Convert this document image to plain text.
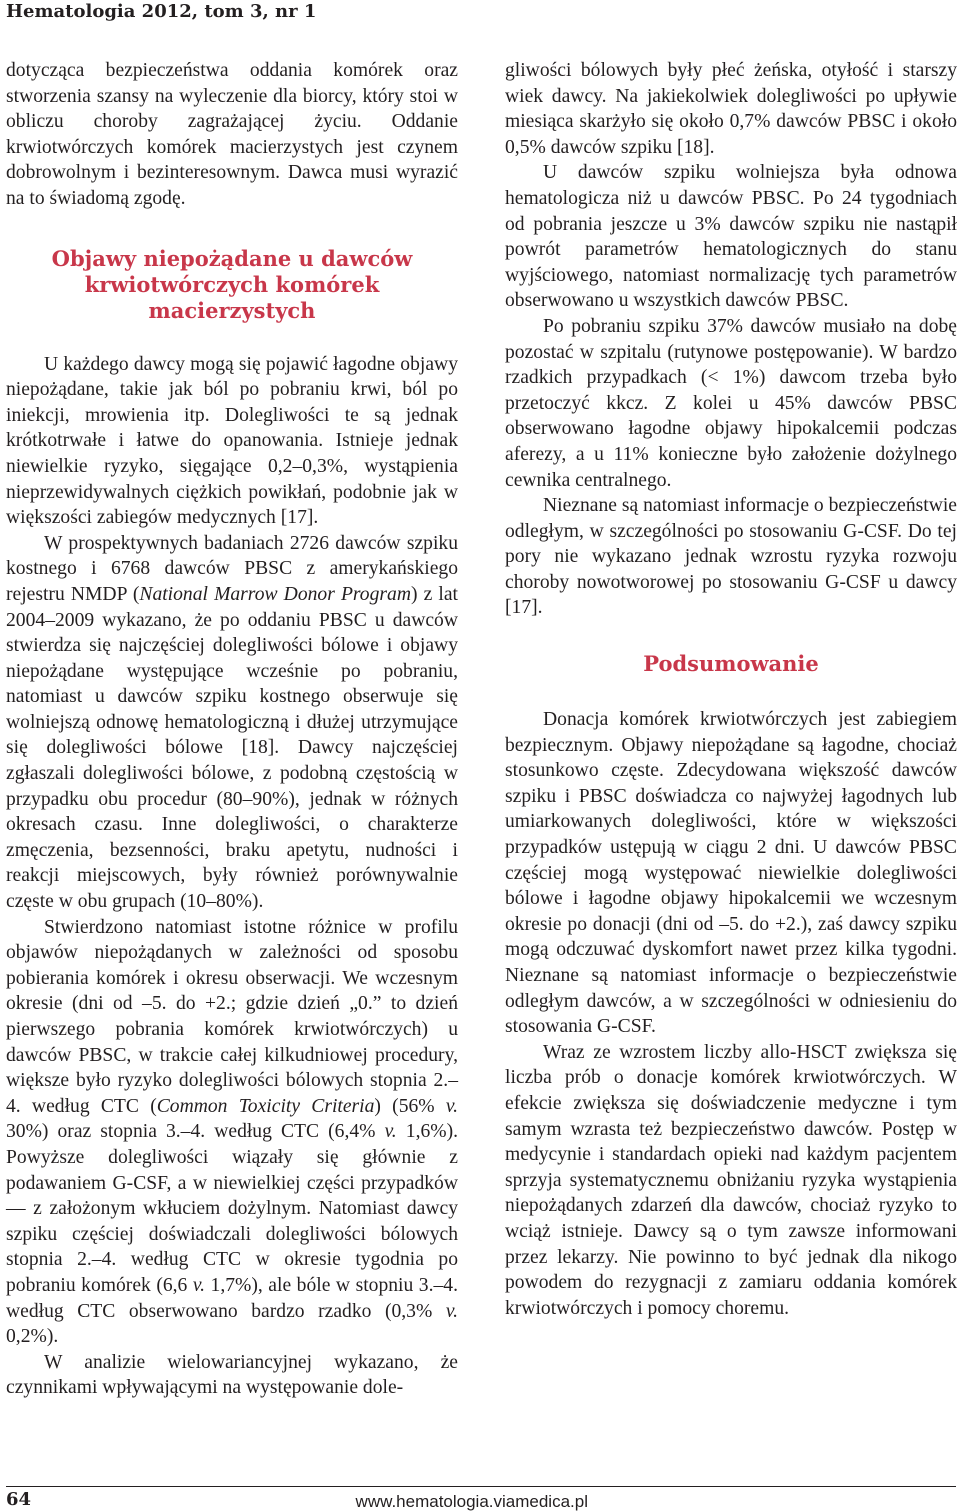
Hematologia 2012, tom 3, nr 1

dotycząca bezpieczeństwa oddania komórek oraz stworzenia szansy na wyleczenie dla biorcy, który stoi w obliczu choroby zagrażającej życiu. Oddanie krwiotwórczych komórek macierzystych jest czynem dobrowolnym i bezinteresownym. Dawca musi wyrazić na to świadomą zgodę.

Objawy niepożądane u dawców krwiotwórczych komórek macierzystych

U każdego dawcy mogą się pojawić łagodne objawy niepożądane, takie jak ból po pobraniu krwi, ból po iniekcji, mrowienia itp. Dolegliwości te są jednak krótkotrwałe i łatwe do opanowania. Istnieje jednak niewielkie ryzyko, sięgające 0,2–0,3%, wystąpienia nieprzewidywalnych ciężkich powikłań, podobnie jak w większości zabiegów medycznych [17].

W prospektywnych badaniach 2726 dawców szpiku kostnego i 6768 dawców PBSC z amerykańskiego rejestru NMDP (National Marrow Donor Program) z lat 2004–2009 wykazano, że po oddaniu PBSC u dawców stwierdza się najczęściej dolegliwości bólowe i objawy niepożądane występujące wcześnie po pobraniu, natomiast u dawców szpiku kostnego obserwuje się wolniejszą odnowę hematologiczną i dłużej utrzymujące się dolegliwości bólowe [18]. Dawcy najczęściej zgłaszali dolegliwości bólowe, z podobną częstością w przypadku obu procedur (80–90%), jednak w różnych okresach czasu. Inne dolegliwości, o charakterze zmęczenia, bezsenności, braku apetytu, nudności i reakcji miejscowych, były również porównywalnie częste w obu grupach (10–80%).

Stwierdzono natomiast istotne różnice w profilu objawów niepożądanych w zależności od sposobu pobierania komórek i okresu obserwacji. We wczesnym okresie (dni od –5. do +2.; gdzie dzień „0.” to dzień pierwszego pobrania komórek krwiotwórczych) u dawców PBSC, w trakcie całej kilkudniowej procedury, większe było ryzyko dolegliwości bólowych stopnia 2.–4. według CTC (Common Toxicity Criteria) (56% v. 30%) oraz stopnia 3.–4. według CTC (6,4% v. 1,6%). Powyższe dolegliwości wiązały się głównie z podawaniem G-CSF, a w niewielkiej części przypadków — z założonym wkłuciem dożylnym. Natomiast dawcy szpiku częściej doświadczali dolegliwości bólowych stopnia 2.–4. według CTC w okresie tygodnia po pobraniu komórek (6,6 v. 1,7%), ale bóle w stopniu 3.–4. według CTC obserwowano bardzo rzadko (0,3% v. 0,2%).

W analizie wielowariancyjnej wykazano, że czynnikami wpływającymi na występowanie dole-

gliwości bólowych były płeć żeńska, otyłość i starszy wiek dawcy. Na jakiekolwiek dolegliwości po upływie miesiąca skarżyło się około 0,7% dawców PBSC i około 0,5% dawców szpiku [18].

U dawców szpiku wolniejsza była odnowa hematologicza niż u dawców PBSC. Po 24 tygodniach od pobrania jeszcze u 3% dawców szpiku nie nastąpił powrót parametrów hematologicznych do stanu wyjściowego, natomiast normalizację tych parametrów obserwowano u wszystkich dawców PBSC.

Po pobraniu szpiku 37% dawców musiało na dobę pozostać w szpitalu (rutynowe postępowanie). W bardzo rzadkich przypadkach (< 1%) dawcom trzeba było przetoczyć kkcz. Z kolei u 45% dawców PBSC obserwowano łagodne objawy hipokalcemii podczas aferezy, a u 11% konieczne było założenie dożylnego cewnika centralnego.

Nieznane są natomiast informacje o bezpieczeństwie odległym, w szczególności po stosowaniu G-CSF. Do tej pory nie wykazano jednak wzrostu ryzyka rozwoju choroby nowotworowej po stosowaniu G-CSF u dawcy [17].

Podsumowanie

Donacja komórek krwiotwórczych jest zabiegiem bezpiecznym. Objawy niepożądane są łagodne, chociaż stosunkowo częste. Zdecydowana większość dawców szpiku i PBSC doświadcza co najwyżej łagodnych lub umiarkowanych dolegliwości, które w większości przypadków ustępują w ciągu 2 dni. U dawców PBSC częściej mogą występować niewielkie dolegliwości bólowe i łagodne objawy hipokalcemii we wczesnym okresie po donacji (dni od –5. do +2.), zaś dawcy szpiku mogą odczuwać dyskomfort nawet przez kilka tygodni. Nieznane są natomiast informacje o bezpieczeństwie odległym dawców, a w szczególności w odniesieniu do stosowania G-CSF.

Wraz ze wzrostem liczby allo-HSCT zwiększa się liczba prób o donacje komórek krwiotwórczych. W efekcie zwiększa się doświadczenie medyczne i tym samym wzrasta też bezpieczeństwo dawców. Postęp w medycynie i standardach opieki nad każdym pacjentem sprzyja systematycznemu obniżaniu ryzyka wystąpienia niepożądanych zdarzeń dla dawców, chociaż ryzyko to wciąż istnieje. Dawcy są o tym zawsze informowani przez lekarzy. Nie powinno to być jednak dla nikogo powodem do rezygnacji z zamiaru oddania komórek krwiotwórczych i pomocy choremu.

64	www.hematologia.viamedica.pl
